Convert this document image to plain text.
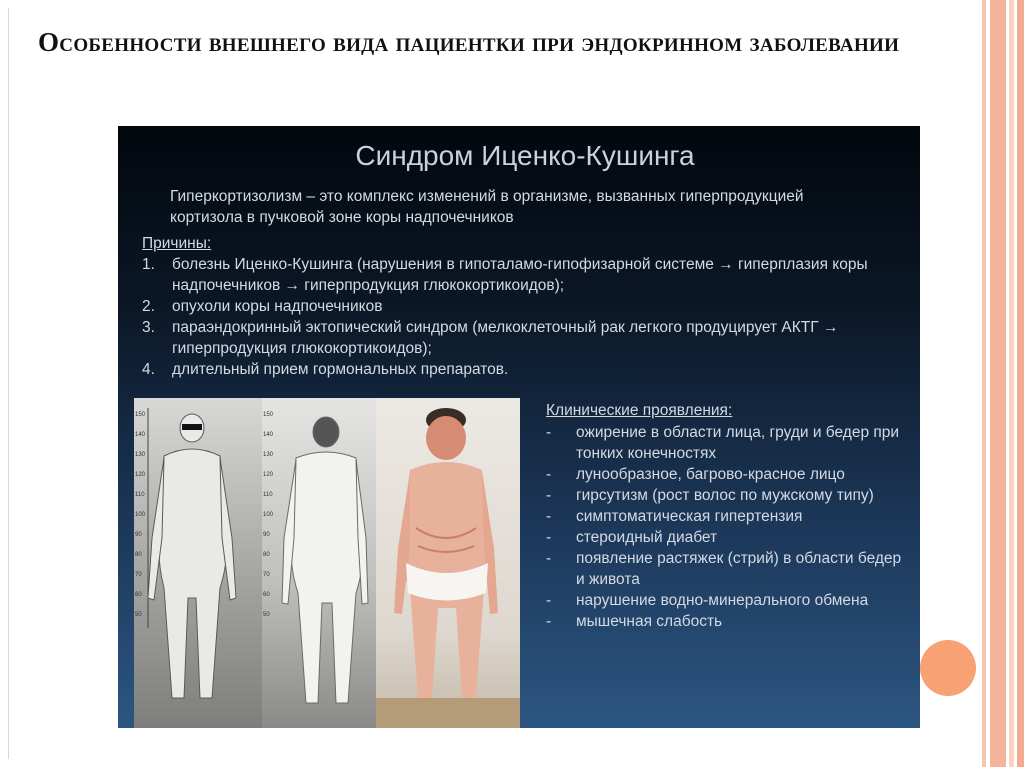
Особенности внешнего вида пациентки при эндокринном заболевании
Синдром Иценко-Кушинга
Гиперкортизолизм – это комплекс изменений в организме, вызванных гиперпродукцией кортизола в пучковой зоне коры надпочечников
Причины:
1.	болезнь Иценко-Кушинга (нарушения в гипоталамо-гипофизарной системе → гиперплазия коры надпочечников → гиперпродукция глюкокортикоидов);
2.	опухоли коры надпочечников
3.	параэндокринный эктопический синдром (мелкоклеточный рак легкого продуцирует АКТГ → гиперпродукция глюкокортикоидов);
4.	длительный прием гормональных препаратов.
Клинические проявления:
-	ожирение в области лица, груди и бедер при тонких конечностях
-	лунообразное, багрово-красное лицо
-	гирсутизм (рост волос по мужскому типу)
-	симптоматическая гипертензия
-	стероидный диабет
-	появление растяжек (стрий) в области бедер и живота
-	нарушение водно-минерального обмена
-	мышечная слабость
150
140
130
120
110
100
90
80
70
60
50
150
140
130
120
110
100
90
80
70
60
50
